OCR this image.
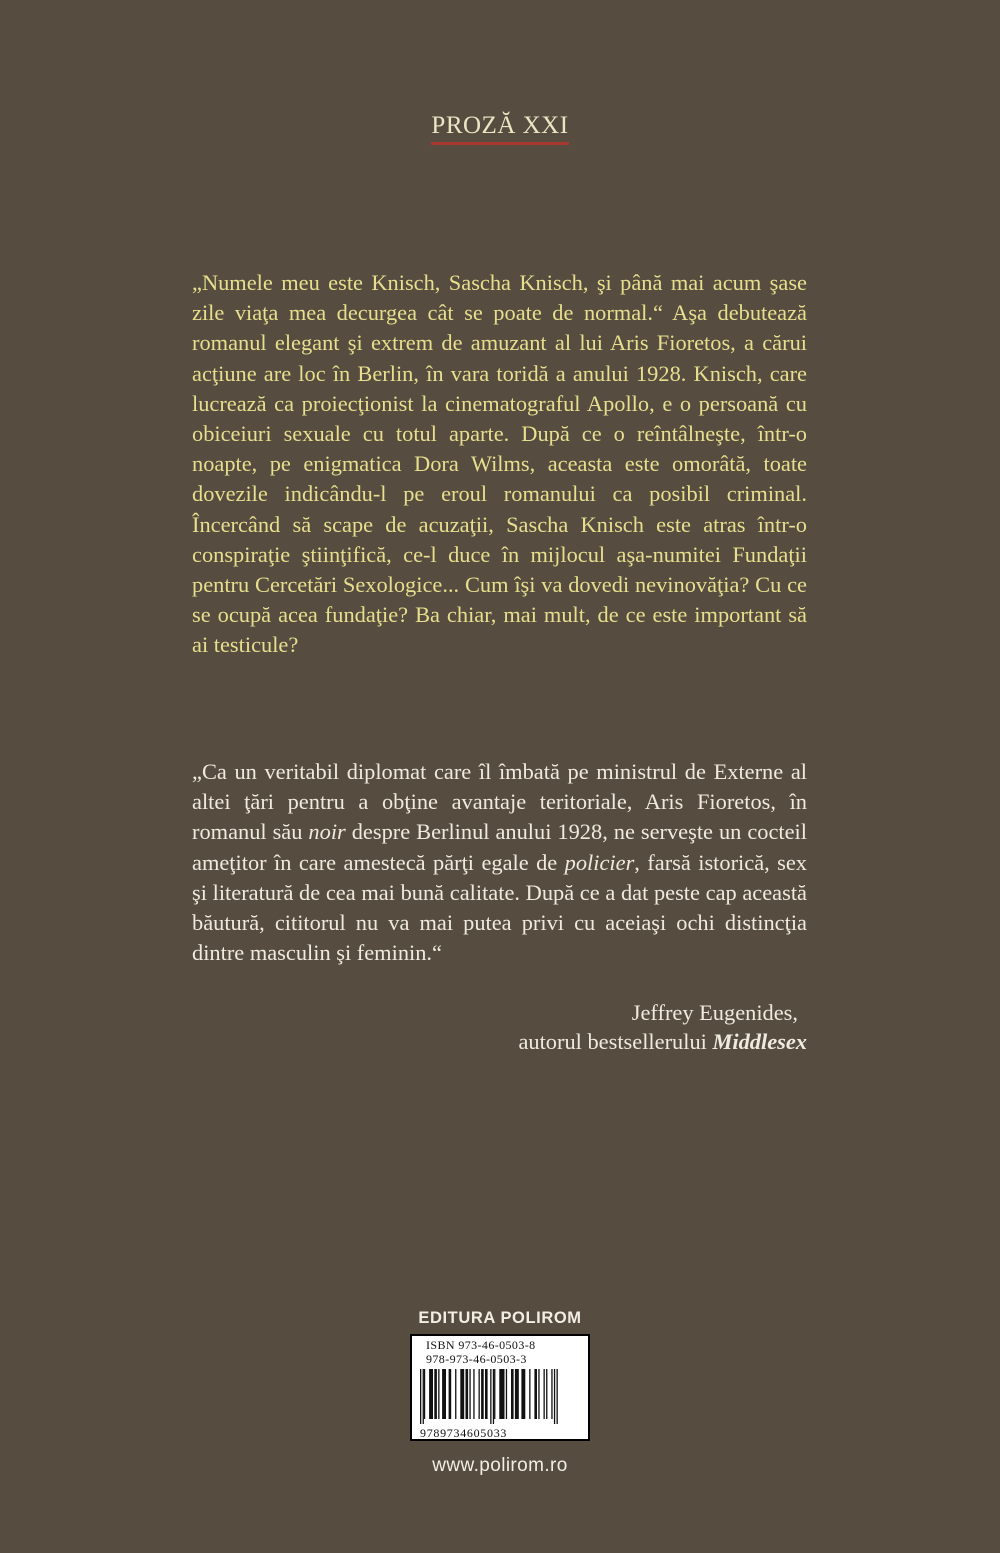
PROZĂ XXI

„Numele meu este Knisch, Sascha Knisch, şi până mai acum şase zile viaţa mea decurgea cât se poate de normal.“ Aşa debutează romanul elegant şi extrem de amuzant al lui Aris Fioretos, a cărui acţiune are loc în Berlin, în vara toridă a anului 1928. Knisch, care lucrează ca proiecţionist la cinematograful Apollo, e o persoană cu obiceiuri sexuale cu totul aparte. După ce o reîntâlneşte, într-o noapte, pe enigmatica Dora Wilms, aceasta este omorâtă, toate dovezile indicându-l pe eroul romanului ca posibil criminal. Încercând să scape de acuzaţii, Sascha Knisch este atras într-o conspiraţie ştiinţifică, ce-l duce în mijlocul aşa-numitei Fundaţii pentru Cercetări Sexologice... Cum îşi va dovedi nevinovăţia? Cu ce se ocupă acea fundaţie? Ba chiar, mai mult, de ce este important să ai testicule?

„Ca un veritabil diplomat care îl îmbată pe ministrul de Externe al altei ţări pentru a obţine avantaje teritoriale, Aris Fioretos, în romanul său noir despre Berlinul anului 1928, ne serveşte un cocteil ameţitor în care amestecă părţi egale de policier, farsă istorică, sex şi literatură de cea mai bună calitate. După ce a dat peste cap această băutură, cititorul nu va mai putea privi cu aceiaşi ochi distincţia dintre masculin şi feminin.“

Jeffrey Eugenides,
autorul bestsellerului Middlesex
EDITURA POLIROM
ISBN 973-46-0503-8
978-973-46-0503-3
9789734605033
www.polirom.ro
